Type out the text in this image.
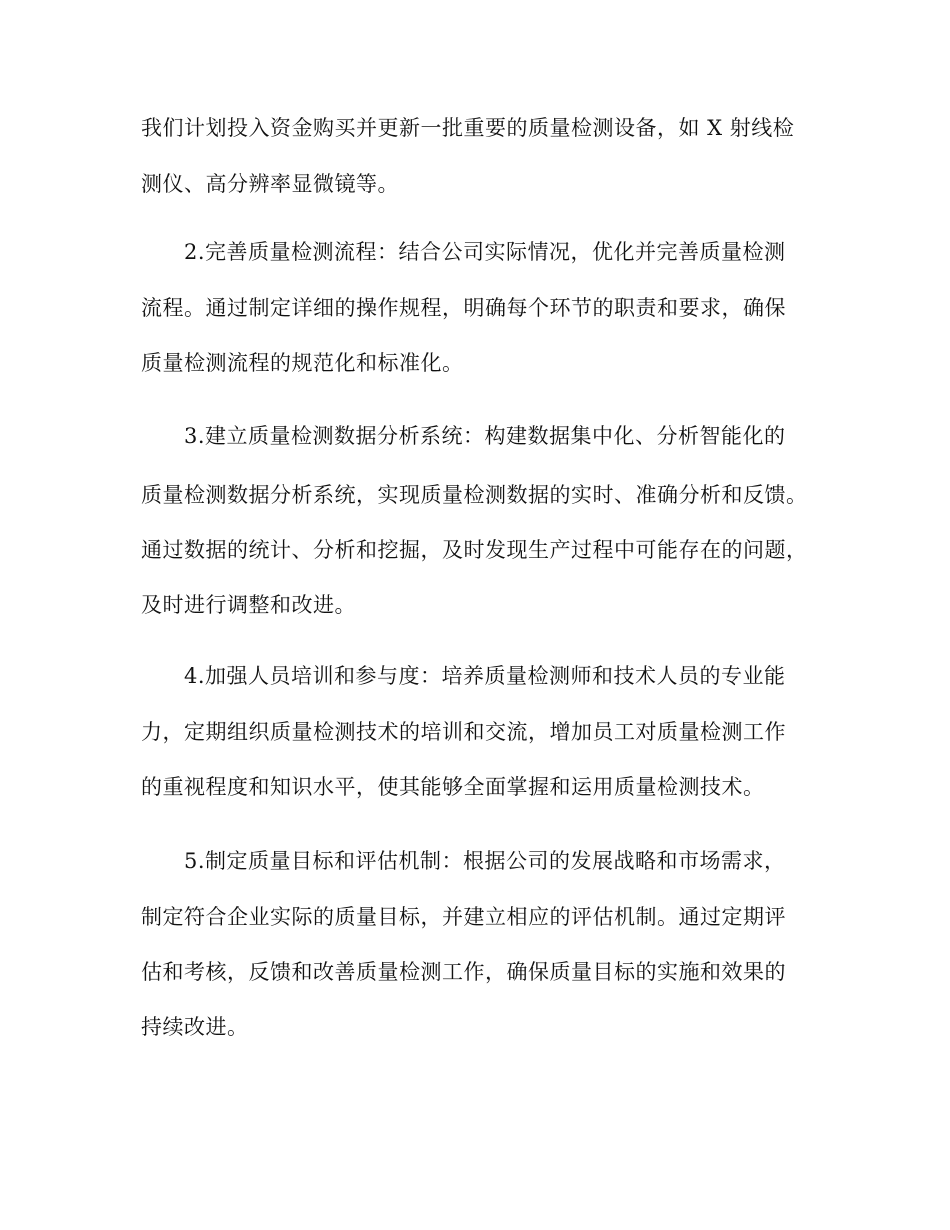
我们计划投入资金购买并更新一批重要的质量检测设备，如 X 射线检
测仪、高分辨率显微镜等。
2.完善质量检测流程：结合公司实际情况，优化并完善质量检测
流程。通过制定详细的操作规程，明确每个环节的职责和要求，确保
质量检测流程的规范化和标准化。
3.建立质量检测数据分析系统：构建数据集中化、分析智能化的
质量检测数据分析系统，实现质量检测数据的实时、准确分析和反馈。
通过数据的统计、分析和挖掘，及时发现生产过程中可能存在的问题，
及时进行调整和改进。
4.加强人员培训和参与度：培养质量检测师和技术人员的专业能
力，定期组织质量检测技术的培训和交流，增加员工对质量检测工作
的重视程度和知识水平，使其能够全面掌握和运用质量检测技术。
5.制定质量目标和评估机制：根据公司的发展战略和市场需求，
制定符合企业实际的质量目标，并建立相应的评估机制。通过定期评
估和考核，反馈和改善质量检测工作，确保质量目标的实施和效果的
持续改进。
